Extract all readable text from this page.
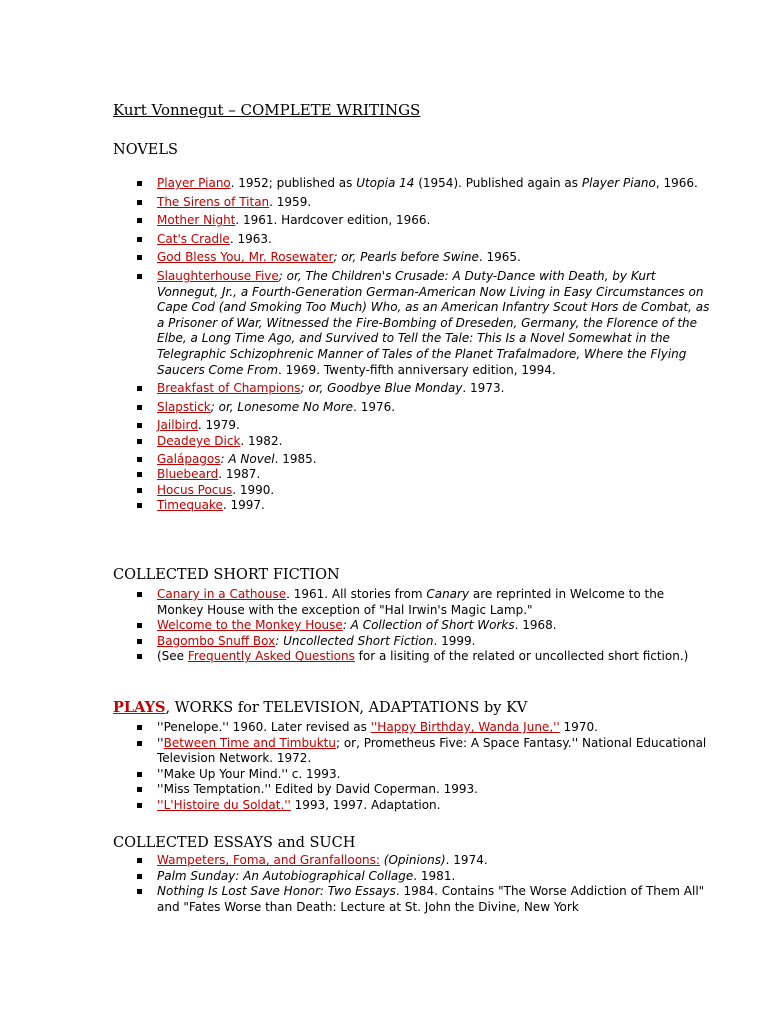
Kurt Vonnegut – COMPLETE WRITINGS
NOVELS
Player Piano. 1952; published as Utopia 14 (1954). Published again as Player Piano, 1966.
The Sirens of Titan. 1959.
Mother Night. 1961. Hardcover edition, 1966.
Cat's Cradle. 1963.
God Bless You, Mr. Rosewater; or, Pearls before Swine. 1965.
Slaughterhouse Five; or, The Children's Crusade: A Duty-Dance with Death, by Kurt Vonnegut, Jr., a Fourth-Generation German-American Now Living in Easy Circumstances on Cape Cod (and Smoking Too Much) Who, as an American Infantry Scout Hors de Combat, as a Prisoner of War, Witnessed the Fire-Bombing of Dreseden, Germany, the Florence of the Elbe, a Long Time Ago, and Survived to Tell the Tale: This Is a Novel Somewhat in the Telegraphic Schizophrenic Manner of Tales of the Planet Trafalmadore, Where the Flying Saucers Come From. 1969. Twenty-fifth anniversary edition, 1994.
Breakfast of Champions; or, Goodbye Blue Monday. 1973.
Slapstick; or, Lonesome No More. 1976.
Jailbird. 1979.
Deadeye Dick. 1982.
Galápagos: A Novel. 1985.
Bluebeard. 1987.
Hocus Pocus. 1990.
Timequake. 1997.
COLLECTED SHORT FICTION
Canary in a Cathouse. 1961. All stories from Canary are reprinted in Welcome to the Monkey House with the exception of "Hal Irwin's Magic Lamp."
Welcome to the Monkey House: A Collection of Short Works. 1968.
Bagombo Snuff Box: Uncollected Short Fiction. 1999.
(See Frequently Asked Questions for a lisiting of the related or uncollected short fiction.)
PLAYS, WORKS for TELEVISION, ADAPTATIONS by KV
''Penelope.'' 1960. Later revised as ''Happy Birthday, Wanda June,'' 1970.
''Between Time and Timbuktu; or, Prometheus Five: A Space Fantasy.'' National Educational Television Network. 1972.
''Make Up Your Mind.'' c. 1993.
''Miss Temptation.'' Edited by David Coperman. 1993.
''L'Histoire du Soldat.'' 1993, 1997. Adaptation.
COLLECTED ESSAYS and SUCH
Wampeters, Foma, and Granfalloons: (Opinions). 1974.
Palm Sunday: An Autobiographical Collage. 1981.
Nothing Is Lost Save Honor: Two Essays. 1984. Contains "The Worse Addiction of Them All" and "Fates Worse than Death: Lecture at St. John the Divine, New York
